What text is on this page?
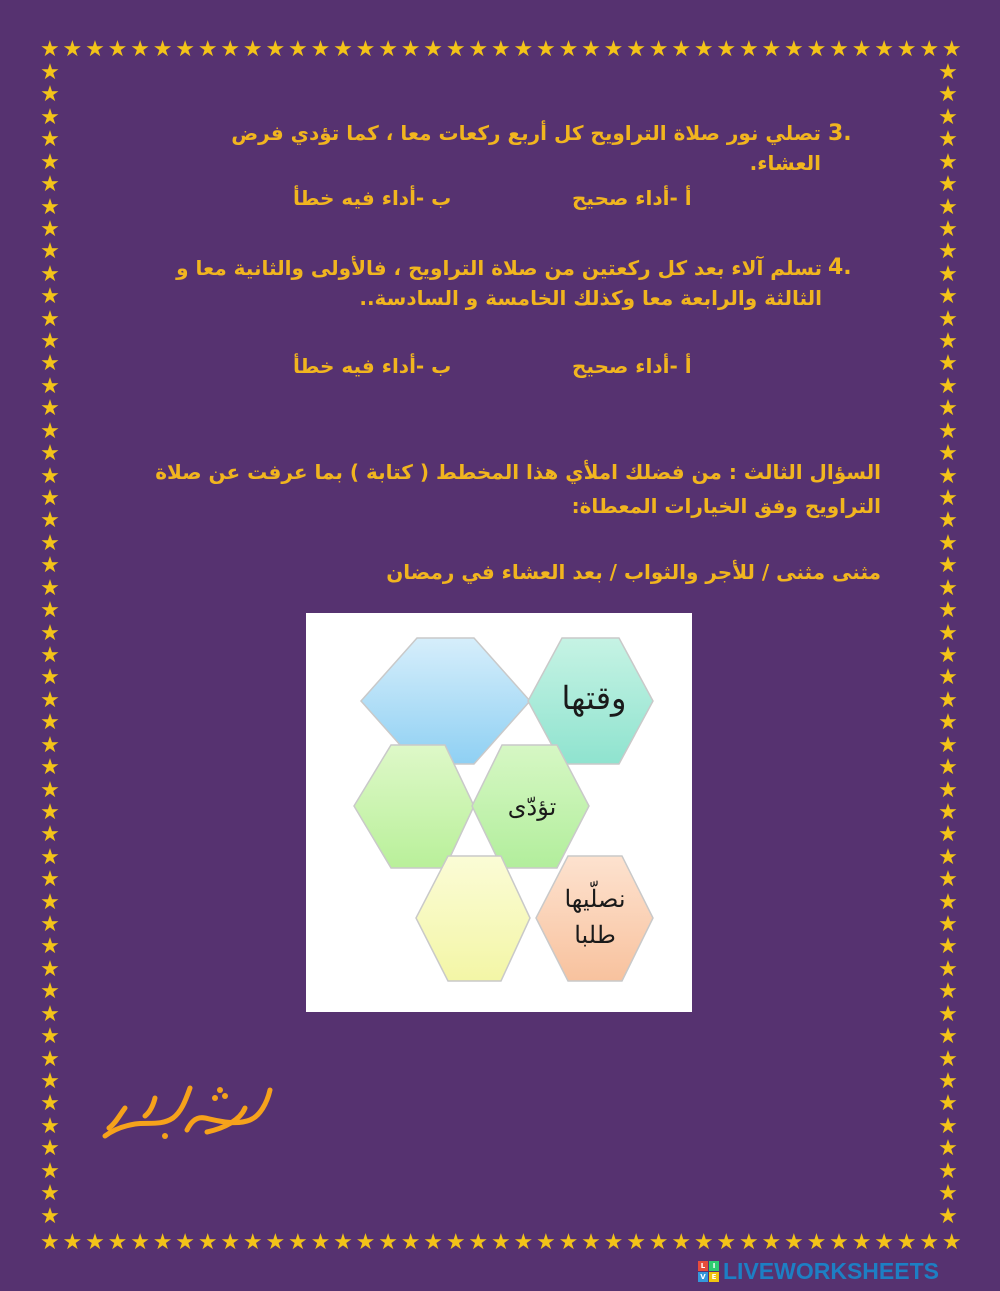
★ ★ ★ ★ ★ ★ ★ ★ ★ ★ ★ ★ ★ ★ ★ ★ ★ ★ ★ ★ ★ ★ ★ ★ ★ ★ ★ ★ ★ ★ ★ ★ ★ ★ ★ ★ ★ ★ ★ ★ ★
★ ★ ★ ★ ★ ★ ★ ★ ★ ★ ★ ★ ★ ★ ★ ★ ★ ★ ★ ★ ★ ★ ★ ★ ★ ★ ★ ★ ★ ★ ★ ★ ★ ★ ★ ★ ★ ★ ★ ★ ★
★
★
★
★
★
★
★
★
★
★
★
★
★
★
★
★
★
★
★
★
★
★
★
★
★
★
★
★
★
★
★
★
★
★
★
★
★
★
★
★
★
★
★
★
★
★
★
★
★
★
★
★
★
★
★
★
★
★
★
★
★
★
★
★
★
★
★
★
★
★
★
★
★
★
★
★
★
★
★
★
★
★
★
★
★
★
★
★
★
★
★
★
★
★
★
★
★
★
★
★
★
★
★
★
3.
تصلي نور صلاة التراويح كل أربع ركعات معا ، كما تؤدي فرض العشاء.
أ -أداء صحيح
ب -أداء فيه خطأ
4.
تسلم آلاء بعد كل ركعتين من صلاة التراويح ، فالأولى والثانية معا و الثالثة والرابعة معا وكذلك الخامسة و السادسة..
أ -أداء صحيح
ب -أداء فيه خطأ
السؤال الثالث : من فضلك املأي هذا المخطط ( كتابة ) بما عرفت عن صلاة التراويح وفق الخيارات المعطاة:
مثنى مثنى / للأجر والثواب / بعد العشاء في رمضان
وقتها
تؤدّى
نصلّيها
طلبا
L	I
V E LIVEWORKSHEETS
